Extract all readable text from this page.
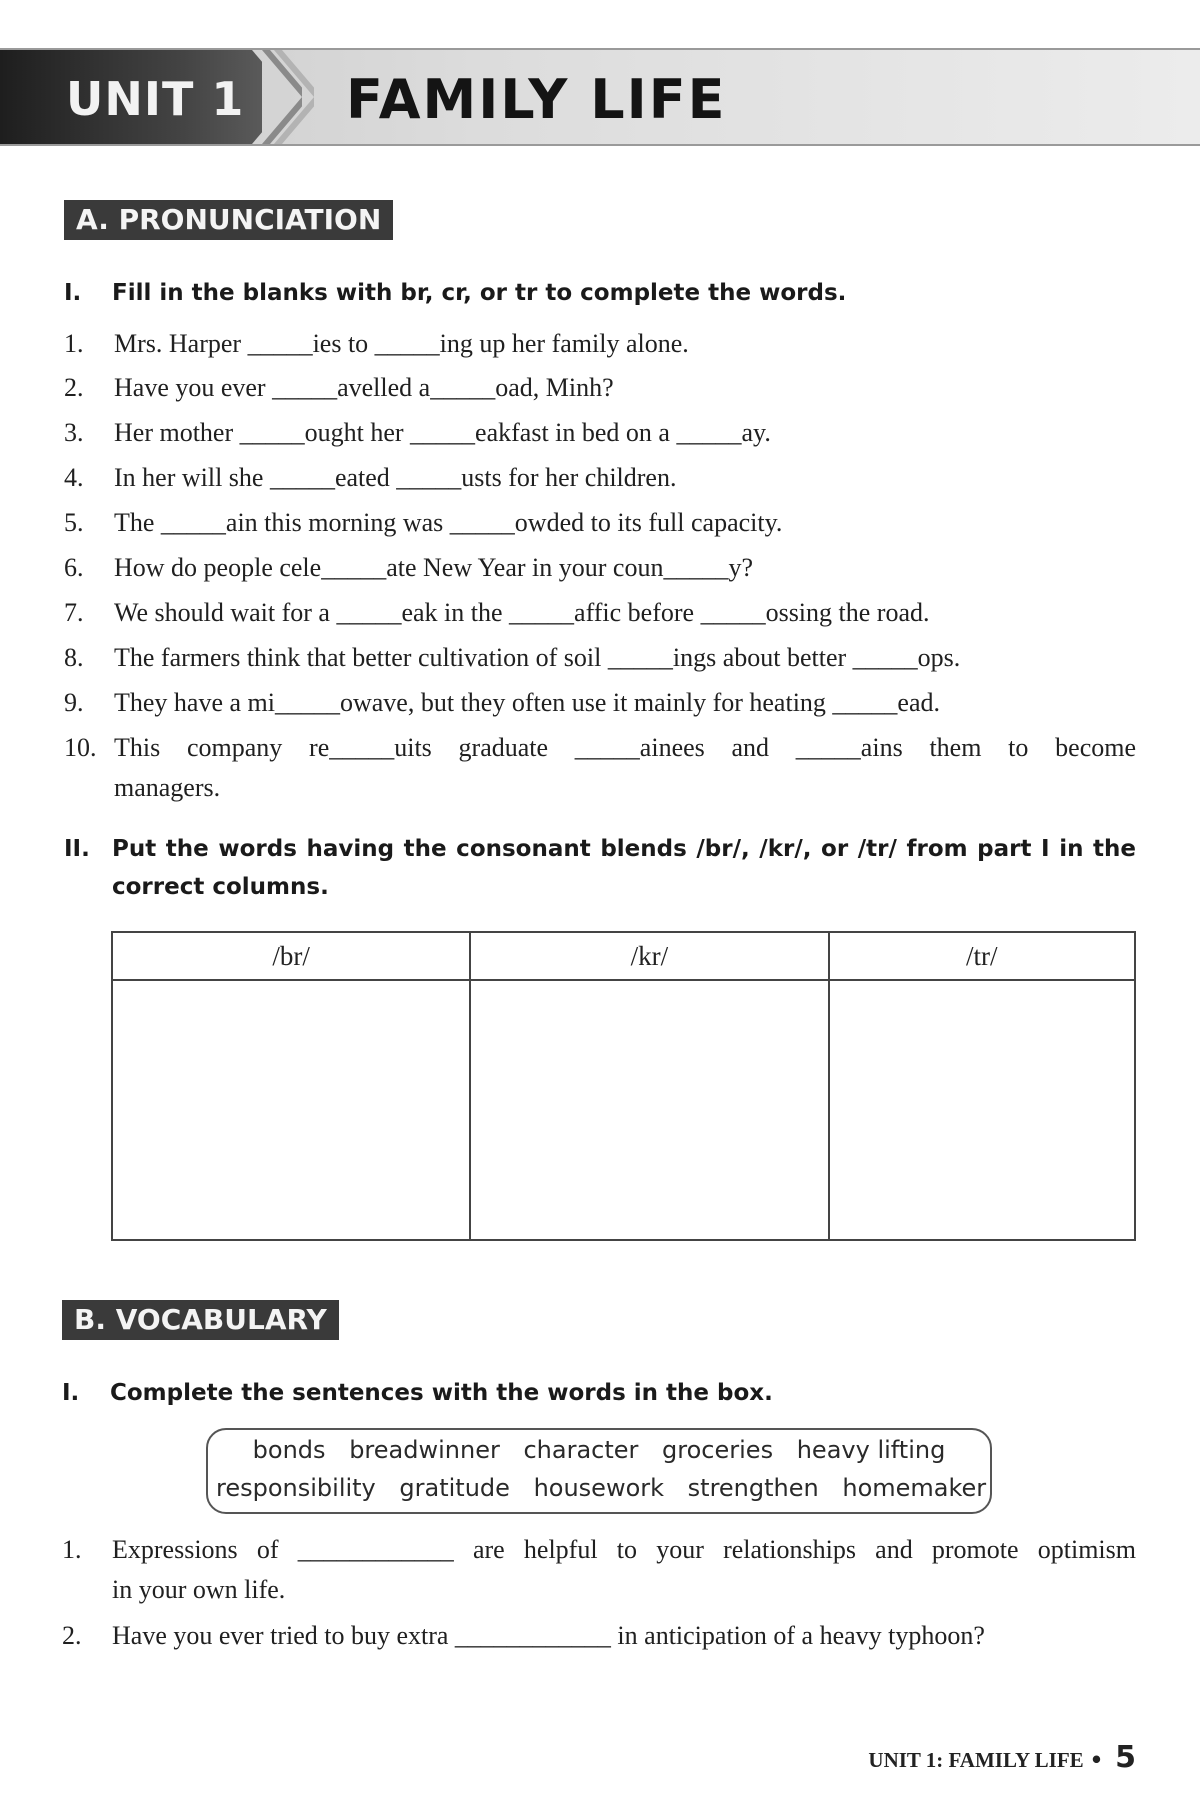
UNIT 1 FAMILY LIFE
A. PRONUNCIATION
I. Fill in the blanks with br, cr, or tr to complete the words.
1. Mrs. Harper _____ies to _____ing up her family alone.
2. Have you ever _____avelled a_____oad, Minh?
3. Her mother _____ought her _____eakfast in bed on a _____ay.
4. In her will she _____eated _____usts for her children.
5. The _____ain this morning was _____owded to its full capacity.
6. How do people cele_____ate New Year in your coun_____y?
7. We should wait for a _____eak in the _____affic before _____ossing the road.
8. The farmers think that better cultivation of soil _____ings about better _____ops.
9. They have a mi_____owave, but they often use it mainly for heating _____ead.
10. This company re_____uits graduate _____ainees and _____ains them to become
managers.
II. Put the words having the consonant blends /br/, /kr/, or /tr/ from part I in the
correct columns.
/br/	/kr/	/tr/

B. VOCABULARY
I. Complete the sentences with the words in the box.
bonds breadwinner character groceries heavy lifting
responsibility gratitude housework strengthen homemaker
1. Expressions of ____________ are helpful to your relationships and promote optimism
in your own life.
2. Have you ever tried to buy extra ____________ in anticipation of a heavy typhoon?
UNIT 1: FAMILY LIFE • 5
